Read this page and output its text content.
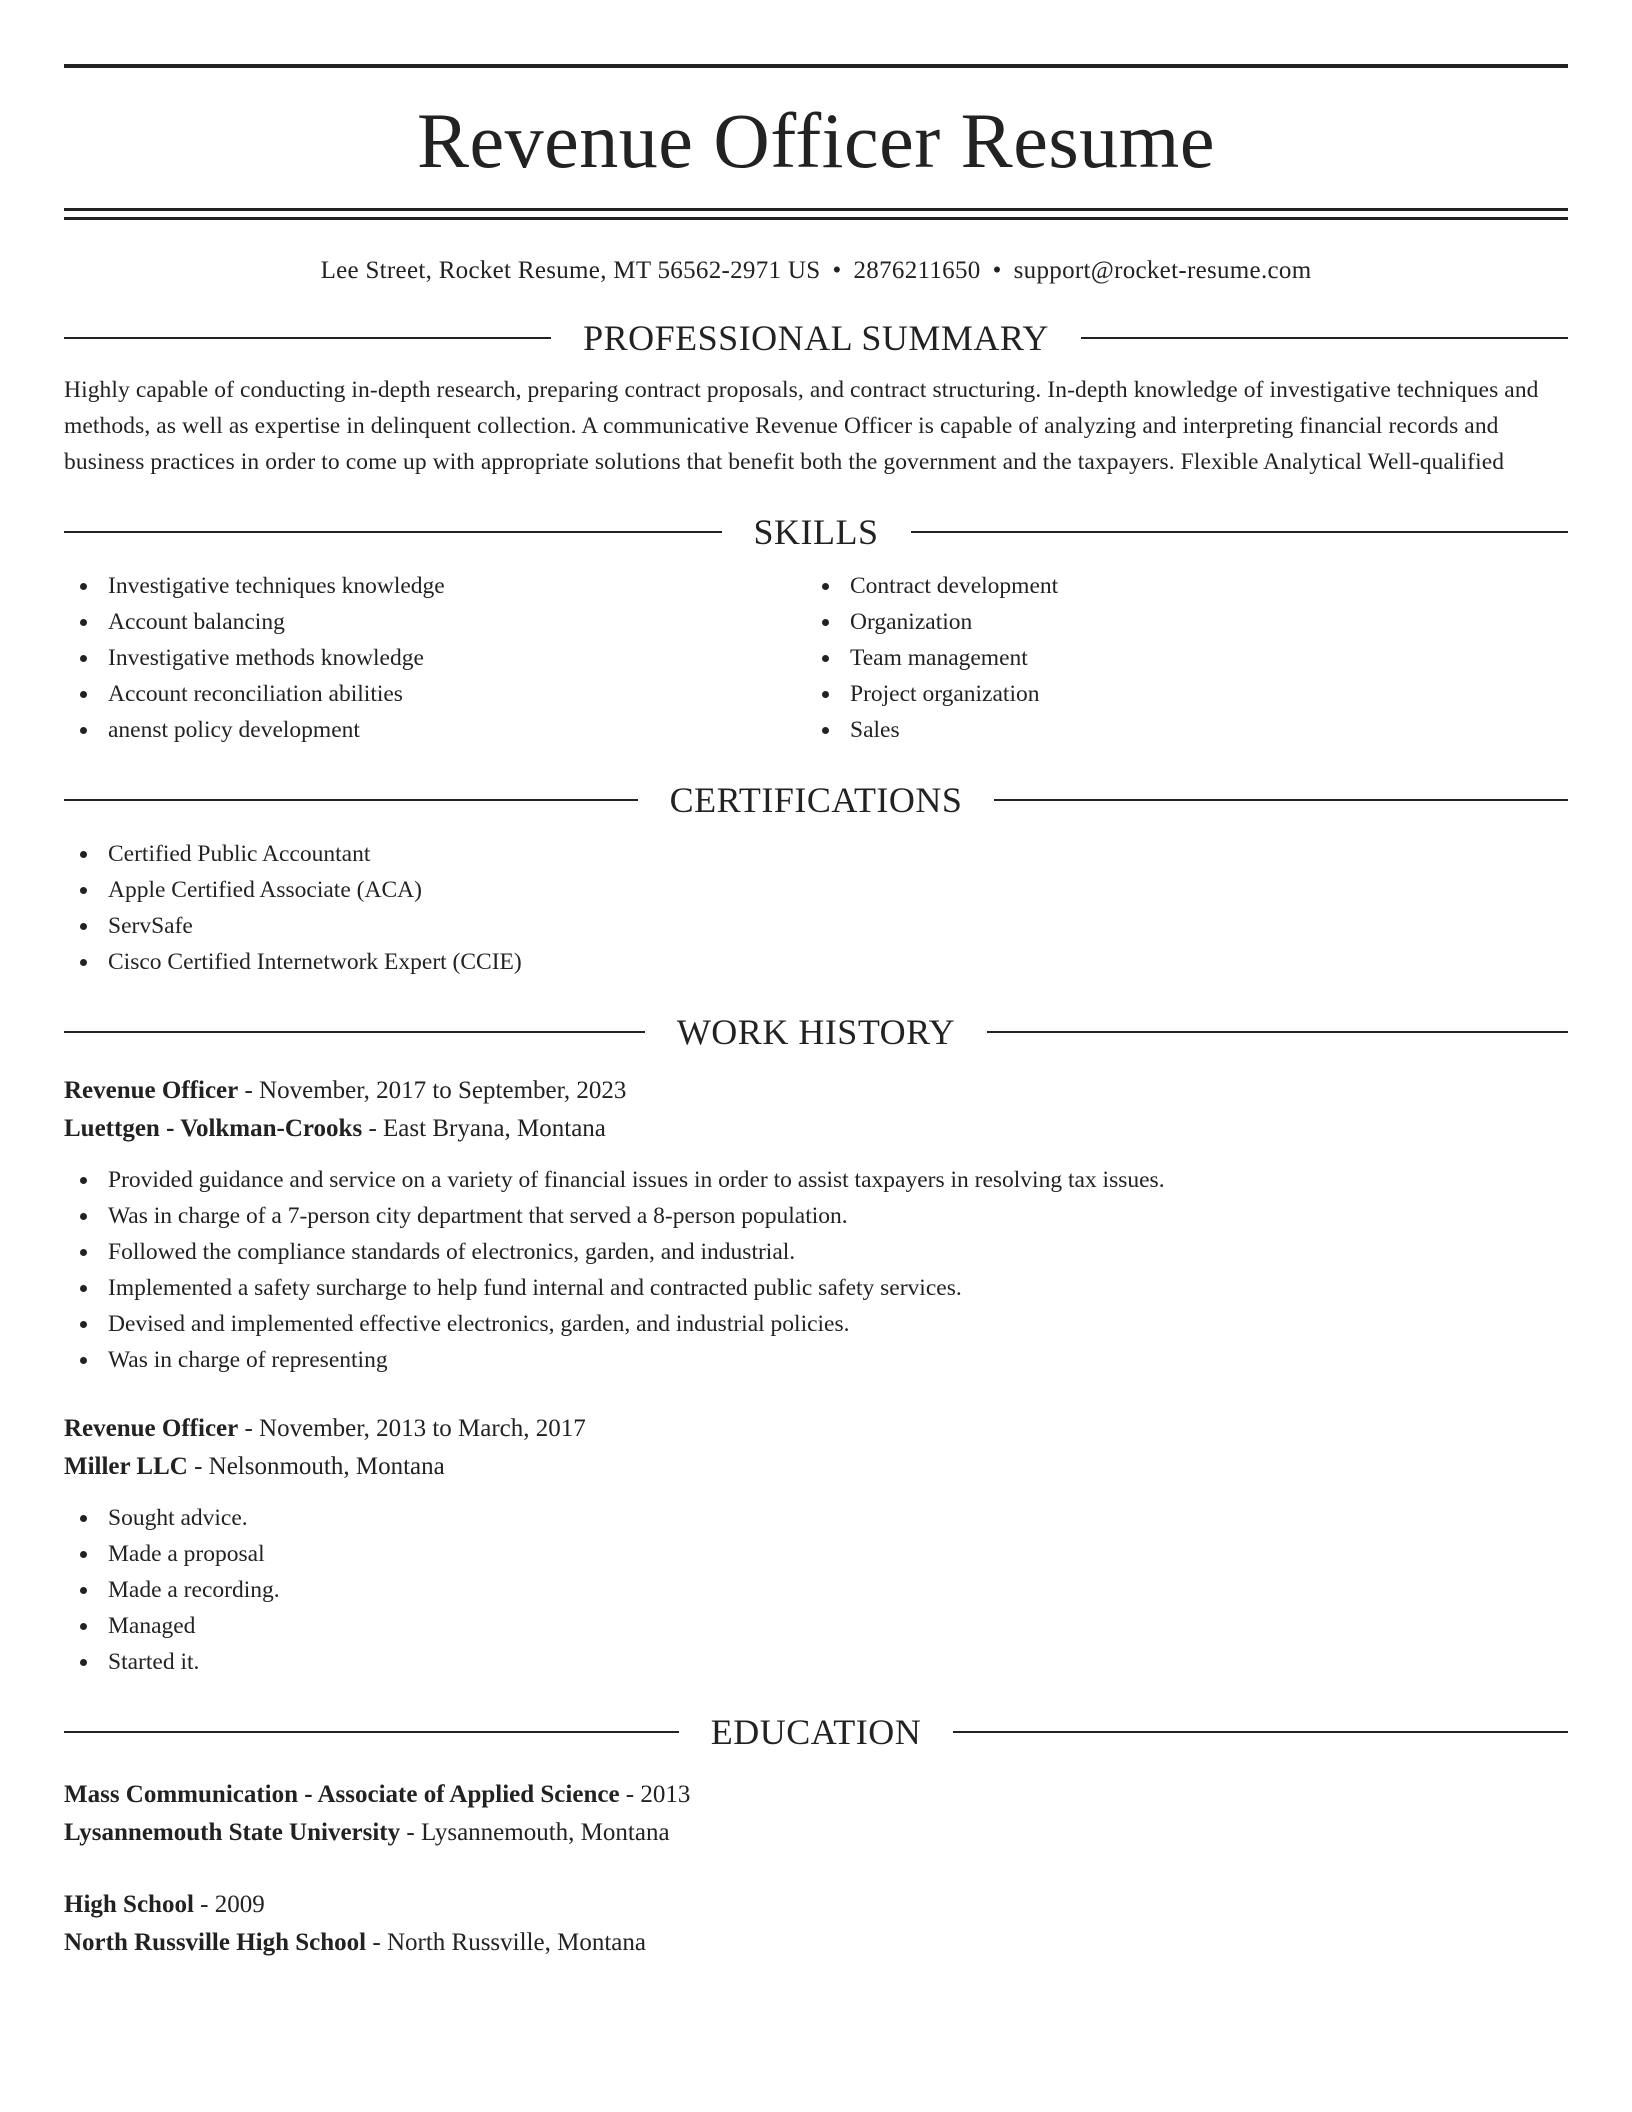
Revenue Officer Resume
Lee Street, Rocket Resume, MT 56562-2971 US • 2876211650 • support@rocket-resume.com
PROFESSIONAL SUMMARY
Highly capable of conducting in-depth research, preparing contract proposals, and contract structuring. In-depth knowledge of investigative techniques and methods, as well as expertise in delinquent collection. A communicative Revenue Officer is capable of analyzing and interpreting financial records and business practices in order to come up with appropriate solutions that benefit both the government and the taxpayers. Flexible Analytical Well-qualified
SKILLS
Investigative techniques knowledge
Account balancing
Investigative methods knowledge
Account reconciliation abilities
anenst policy development
Contract development
Organization
Team management
Project organization
Sales
CERTIFICATIONS
Certified Public Accountant
Apple Certified Associate (ACA)
ServSafe
Cisco Certified Internetwork Expert (CCIE)
WORK HISTORY
Revenue Officer - November, 2017 to September, 2023
Luettgen - Volkman-Crooks - East Bryana, Montana
Provided guidance and service on a variety of financial issues in order to assist taxpayers in resolving tax issues.
Was in charge of a 7-person city department that served a 8-person population.
Followed the compliance standards of electronics, garden, and industrial.
Implemented a safety surcharge to help fund internal and contracted public safety services.
Devised and implemented effective electronics, garden, and industrial policies.
Was in charge of representing
Revenue Officer - November, 2013 to March, 2017
Miller LLC - Nelsonmouth, Montana
Sought advice.
Made a proposal
Made a recording.
Managed
Started it.
EDUCATION
Mass Communication - Associate of Applied Science - 2013
Lysannemouth State University - Lysannemouth, Montana
High School - 2009
North Russville High School - North Russville, Montana
